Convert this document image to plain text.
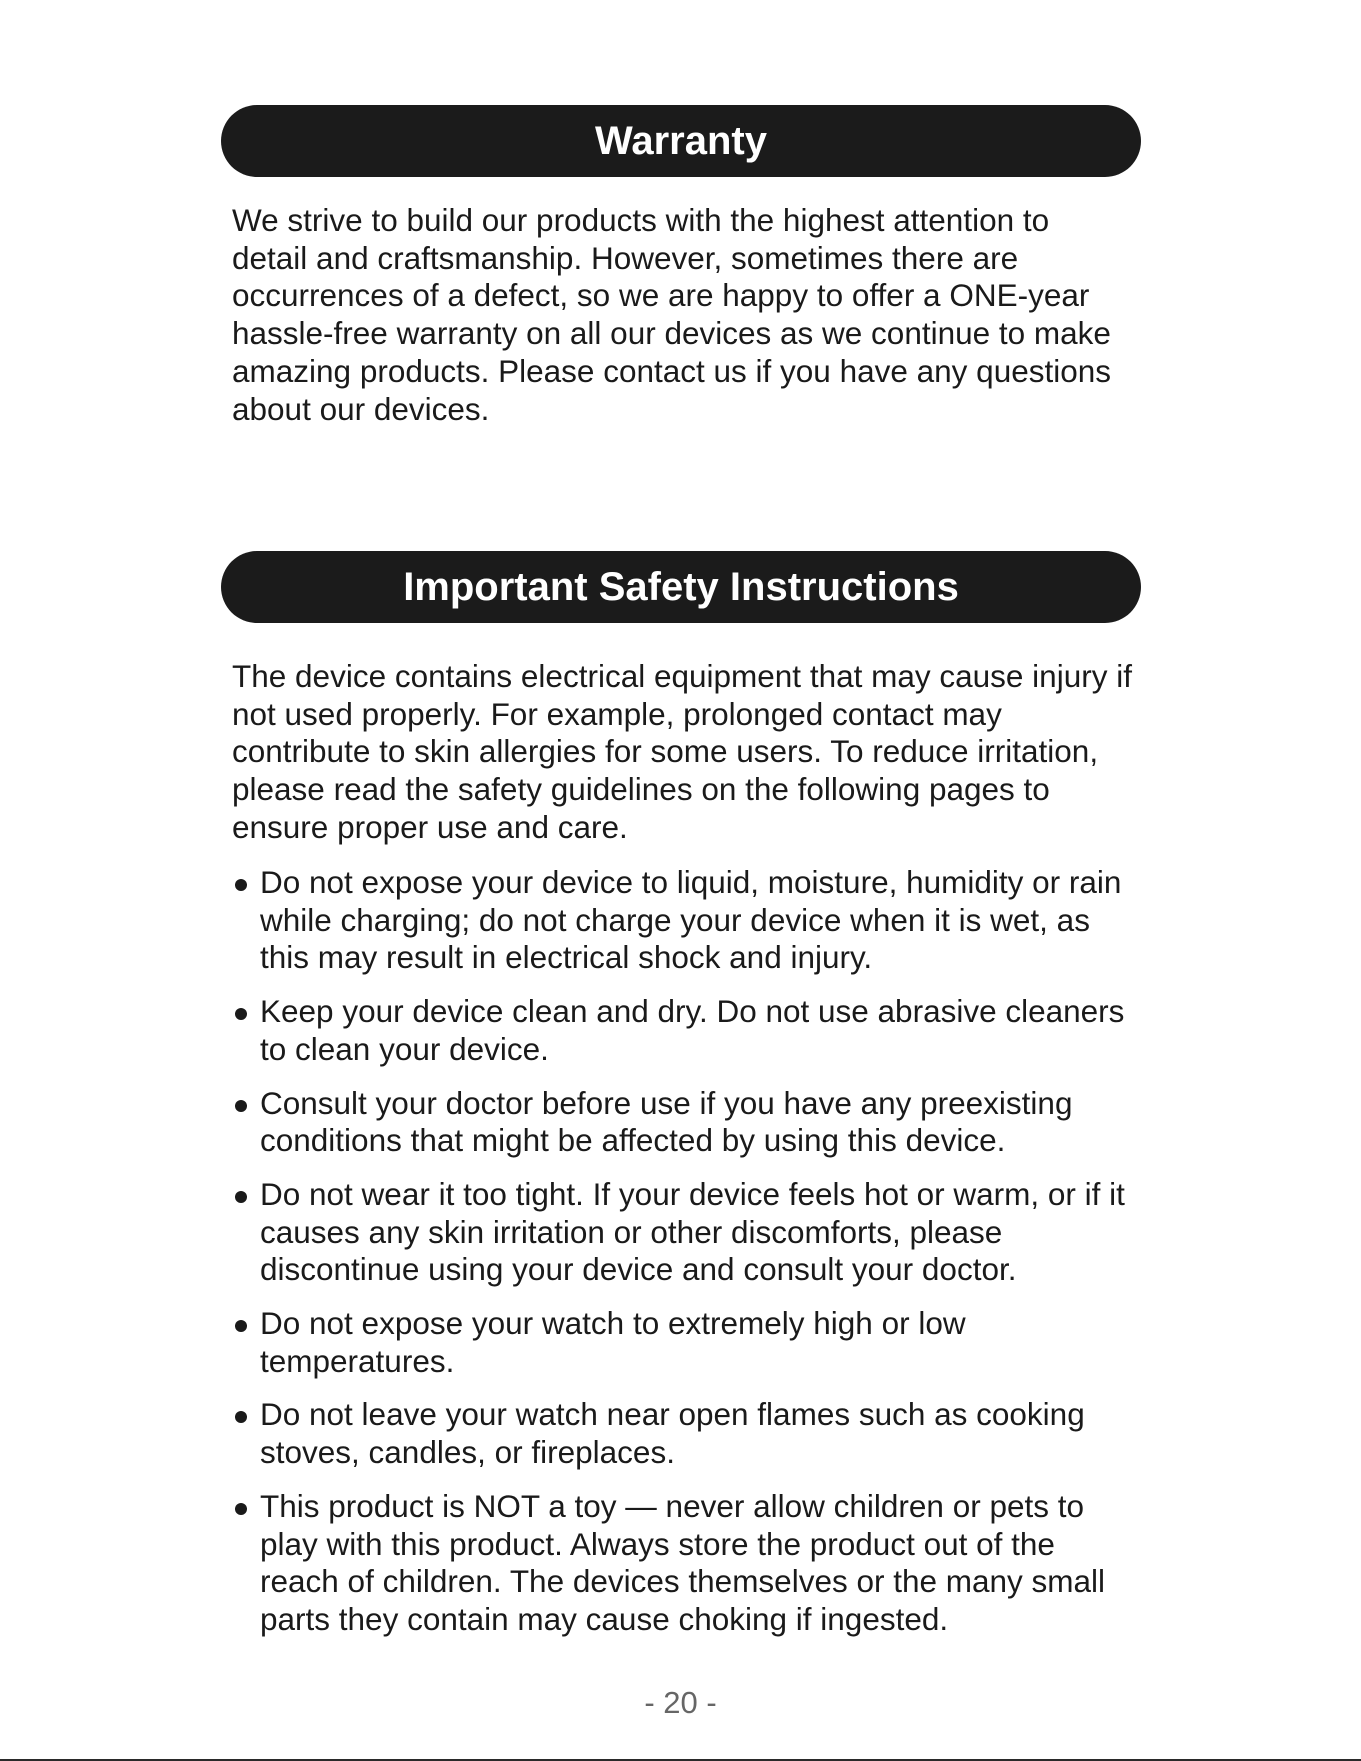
Warranty

We strive to build our products with the highest attention to detail and craftsmanship. However, sometimes there are occurrences of a defect, so we are happy to offer a ONE-year hassle-free warranty on all our devices as we continue to make amazing products. Please contact us if you have any questions about our devices.

Important Safety Instructions

The device contains electrical equipment that may cause injury if not used properly. For example, prolonged contact may contribute to skin allergies for some users. To reduce irritation, please read the safety guidelines on the following pages to ensure proper use and care.

Do not expose your device to liquid, moisture, humidity or rain while charging; do not charge your device when it is wet, as this may result in electrical shock and injury.
Keep your device clean and dry. Do not use abrasive cleaners to clean your device.
Consult your doctor before use if you have any preexisting conditions that might be affected by using this device.
Do not wear it too tight. If your device feels hot or warm, or if it causes any skin irritation or other discomforts, please discontinue using your device and consult your doctor.
Do not expose your watch to extremely high or low temperatures.
Do not leave your watch near open flames such as cooking stoves, candles, or fireplaces.
This product is NOT a toy — never allow children or pets to play with this product. Always store the product out of the reach of children. The devices themselves or the many small parts they contain may cause choking if ingested.
- 20 -
